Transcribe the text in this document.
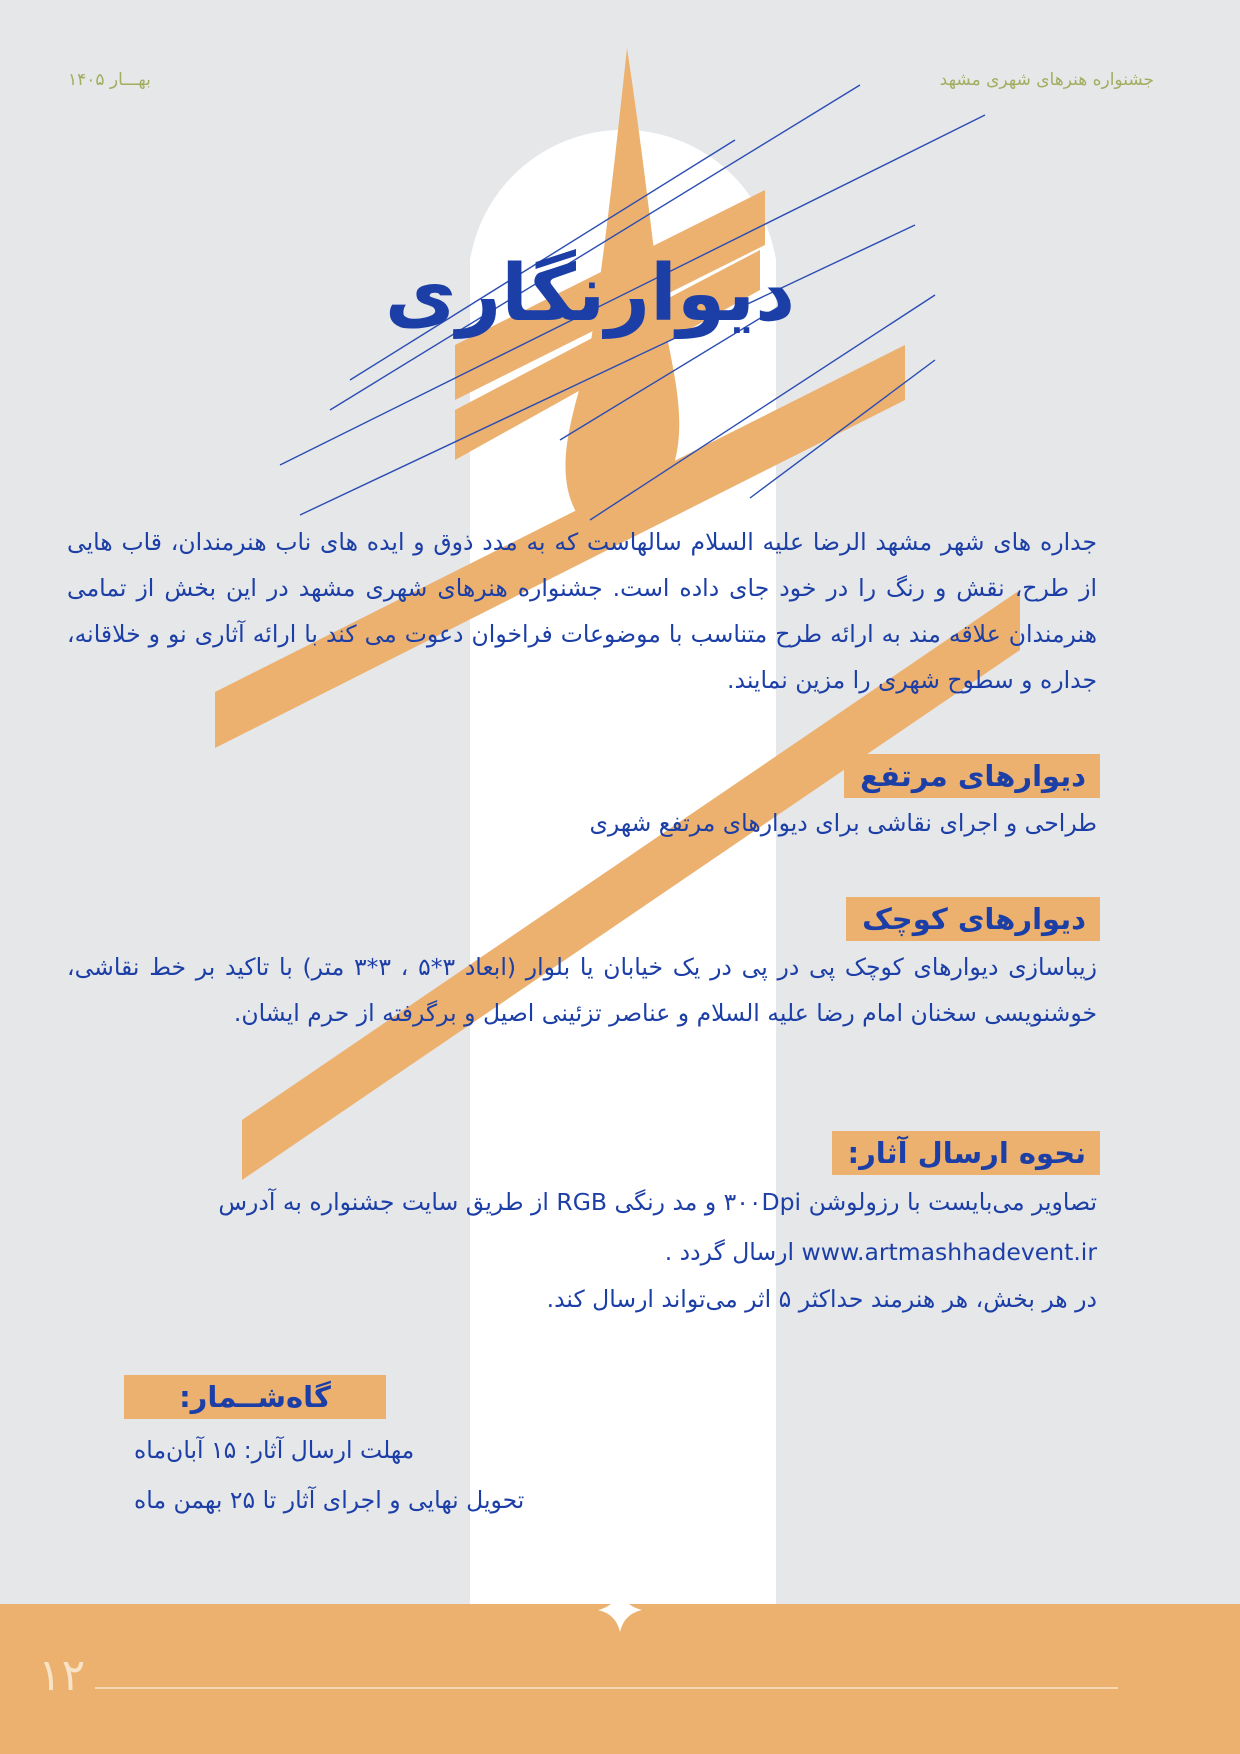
جشنواره هنرهای شهری مشهد
بهـــار ۱۴۰۵
دیوارنگاری

جداره های شهر مشهد الرضا علیه السلام سالهاست که به مدد ذوق و ایده های ناب هنرمندان، قاب هایی از طرح، نقش و رنگ را در خود جای داده است. جشنواره هنرهای شهری مشهد در این بخش از تمامی هنرمندان علاقه مند به ارائه طرح متناسب با موضوعات فراخوان دعوت می کند با ارائه آثاری نو و خلاقانه، جداره و سطوح شهری را مزین نمایند.

دیوارهای مرتفع

طراحی و اجرای نقاشی برای دیوارهای مرتفع شهری

دیوارهای کوچک

زیباسازی دیوارهای کوچک پی در پی در یک خیابان یا بلوار (ابعاد ۳*۵ ، ۳*۳ متر) با تاکید بر خط نقاشی، خوشنویسی سخنان امام رضا علیه السلام و عناصر تزئینی اصیل و برگرفته از حرم ایشان.

نحوه ارسال آثار:

تصاویر می‌بایست با رزولوشن ۳۰۰Dpi و مد رنگی RGB از طریق سایت جشنواره به آدرس

www.artmashhadevent.ir ارسال گردد .

در هر بخش، هر هنرمند حداکثر ۵ اثر می‌تواند ارسال کند.

گاه‌شــمار:

مهلت ارسال آثار: ۱۵ آبان‌ماه

تحویل نهایی و اجرای آثار تا ۲۵ بهمن ماه

۱۲
